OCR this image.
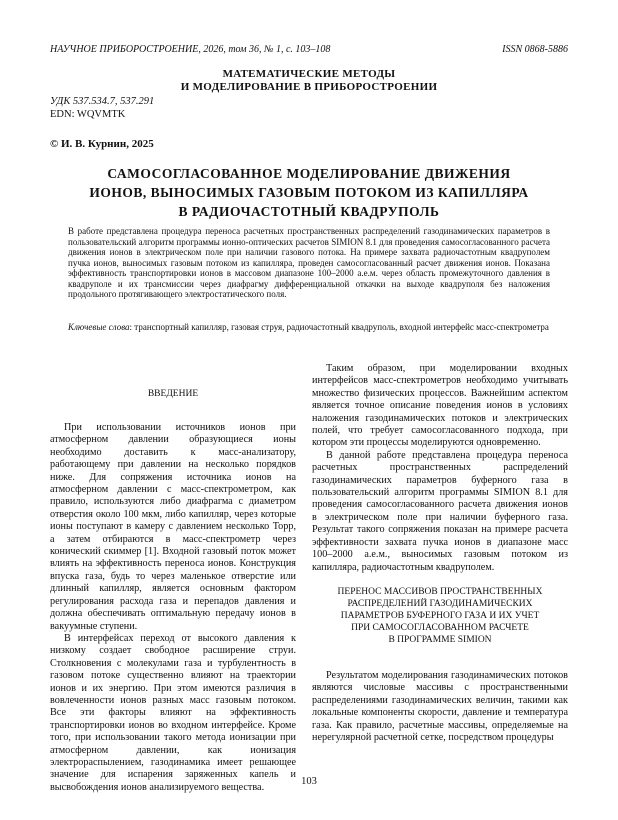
НАУЧНОЕ ПРИБОРОСТРОЕНИЕ, 2026, том 36, № 1, с. 103–108	ISSN 0868-5886
МАТЕМАТИЧЕСКИЕ МЕТОДЫ
И МОДЕЛИРОВАНИЕ В ПРИБОРОСТРОЕНИИ
УДК 537.534.7, 537.291
EDN: WQVMTK
© И. В. Курнин, 2025
САМОСОГЛАСОВАННОЕ МОДЕЛИРОВАНИЕ ДВИЖЕНИЯ
ИОНОВ, ВЫНОСИМЫХ ГАЗОВЫМ ПОТОКОМ ИЗ КАПИЛЛЯРА
В РАДИОЧАСТОТНЫЙ КВАДРУПОЛЬ
В работе представлена процедура переноса расчетных пространственных распределений газодинамических параметров в пользовательский алгоритм программы ионно-оптических расчетов SIMION 8.1 для проведения самосогласованного расчета движения ионов в электрическом поле при наличии газового потока. На примере захвата радиочастотным квадруполем пучка ионов, выносимых газовым потоком из капилляра, проведен самосогласованный расчет движения ионов. Показана эффективность транспортировки ионов в массовом диапазоне 100–2000 а.е.м. через область промежуточного давления в квадруполе и их трансмиссии через диафрагму дифференциальной откачки на выходе квадруполя без наложения продольного протягивающего электростатического поля.
Ключевые слова: транспортный капилляр, газовая струя, радиочастотный квадруполь, входной интерфейс масс-спектрометра
ВВЕДЕНИЕ

При использовании источников ионов при атмосферном давлении образующиеся ионы необходимо доставить к масс-анализатору, работающему при давлении на несколько порядков ниже. Для сопряжения источника ионов на атмосферном давлении с масс-спектрометром, как правило, используются либо диафрагма с диаметром отверстия около 100 мкм, либо капилляр, через которые ионы поступают в камеру с давлением несколько Торр, а затем отбираются в масс-спектрометр через конический скиммер [1]. Входной газовый поток может влиять на эффективность переноса ионов. Конструкция впуска газа, будь то через маленькое отверстие или длинный капилляр, является основным фактором регулирования расхода газа и перепадов давления и должна обеспечивать оптимальную передачу ионов в вакуумные ступени.

В интерфейсах переход от высокого давления к низкому создает свободное расширение струи. Столкновения с молекулами газа и турбулентность в газовом потоке существенно влияют на траектории ионов и их энергию. При этом имеются различия в вовлеченности ионов разных масс газовым потоком. Все эти факторы влияют на эффективность транспортировки ионов во входном интерфейсе. Кроме того, при использовании такого метода ионизации при атмосферном давлении, как ионизация электрораспылением, газодинамика имеет решающее значение для испарения заряженных капель и высвобождения ионов анализируемого вещества.

Таким образом, при моделировании входных интерфейсов масс-спектрометров необходимо учитывать множество физических процессов. Важнейшим аспектом является точное описание поведения ионов в условиях наложения газодинамических потоков и электрических полей, что требует самосогласованного подхода, при котором эти процессы моделируются одновременно.

В данной работе представлена процедура переноса расчетных пространственных распределений газодинамических параметров буферного газа в пользовательский алгоритм программы SIMION 8.1 для проведения самосогласованного расчета движения ионов в электрическом поле при наличии буферного газа. Результат такого сопряжения показан на примере расчета эффективности захвата пучка ионов в диапазоне масс 100–2000 а.е.м., выносимых газовым потоком из капилляра, радиочастотным квадруполем.

ПЕРЕНОС МАССИВОВ ПРОСТРАНСТВЕННЫХ
РАСПРЕДЕЛЕНИЙ ГАЗОДИНАМИЧЕСКИХ
ПАРАМЕТРОВ БУФЕРНОГО ГАЗА И ИХ УЧЕТ
ПРИ САМОСОГЛАСОВАННОМ РАСЧЕТЕ
В ПРОГРАММЕ SIMION

Результатом моделирования газодинамических потоков являются числовые массивы с пространственными распределениями газодинамических величин, такими как локальные компоненты скорости, давление и температура газа. Как правило, расчетные массивы, определяемые на нерегулярной расчетной сетке, посредством процедуры

103
